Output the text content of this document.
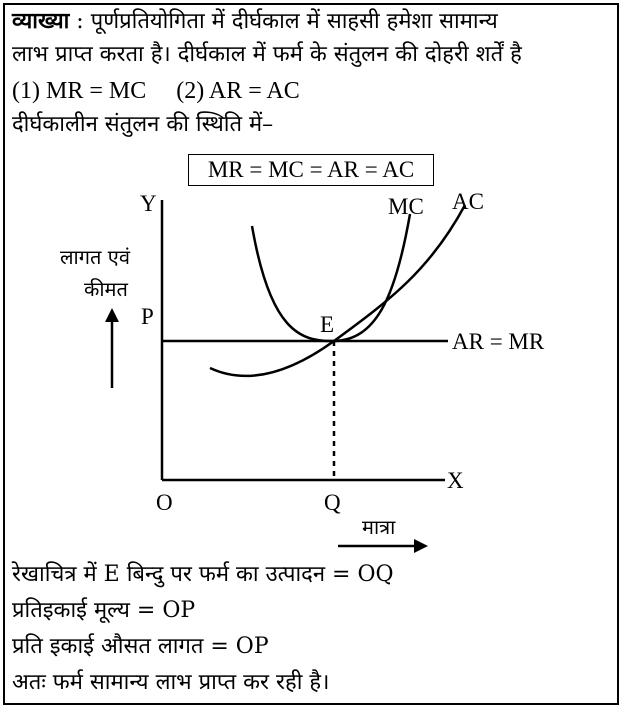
व्याख्या : पूर्णप्रतियोगिता में दीर्घकाल में साहसी हमेशा सामान्य
लाभ प्राप्त करता है। दीर्घकाल में फर्म के संतुलन की दोहरी शर्तें है
(1) MR = MC     (2) AR = AC
दीर्घकालीन संतुलन की स्थिति में–
MR = MC = AR = AC
Y
X
O	Q
P	E
MC AC
AR = MR
लागत एवं
कीमत
मात्रा
रेखाचित्र में E बिन्दु पर फर्म का उत्पादन = OQ
प्रतिइकाई मूल्य = OP
प्रति इकाई औसत लागत = OP
अतः फर्म सामान्य लाभ प्राप्त कर रही है।
